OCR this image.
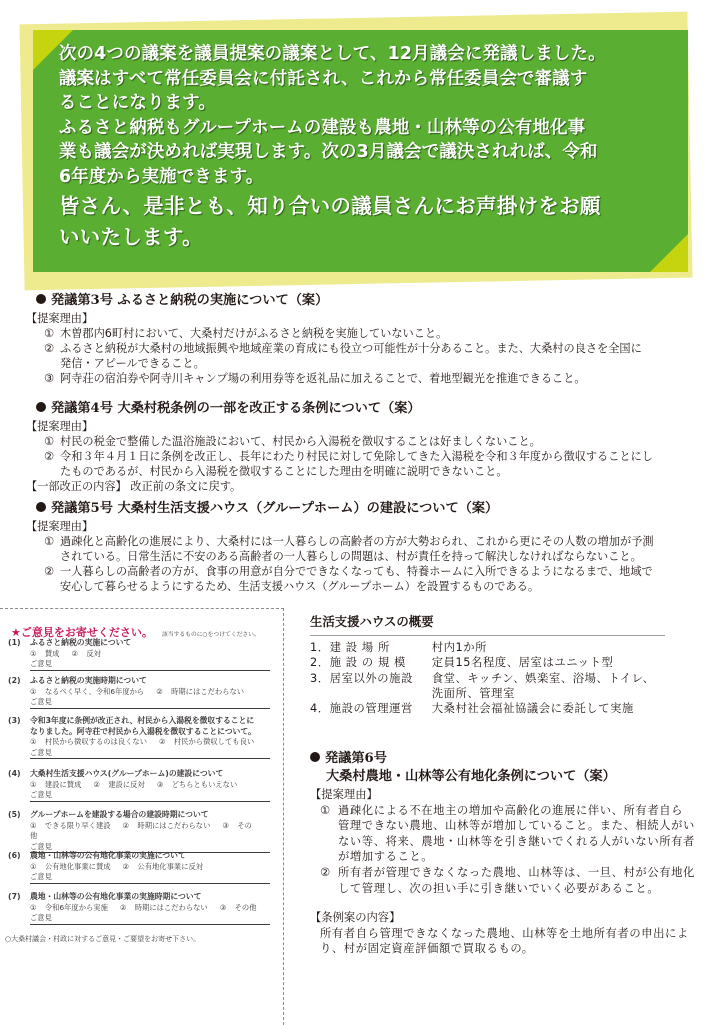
次の4つの議案を議員提案の議案として、12月議会に発議しました。

議案はすべて常任委員会に付託され、これから常任委員会で審議す

ることになります。

ふるさと納税もグループホームの建設も農地・山林等の公有地化事

業も議会が決めれば実現します。次の3月議会で議決されれば、令和

6年度から実施できます。

皆さん、是非とも、知り合いの議員さんにお声掛けをお願

いいたします。

発議第3号 ふるさと納税の実施について（案）
【提案理由】
① 木曽郡内6町村において、大桑村だけがふるさと納税を実施していないこと。
② ふるさと納税が大桑村の地域振興や地域産業の育成にも役立つ可能性が十分あること。また、大桑村の良さを全国に
発信・アピールできること。
③ 阿寺荘の宿泊券や阿寺川キャンプ場の利用券等を返礼品に加えることで、着地型観光を推進できること。
発議第4号 大桑村税条例の一部を改正する条例について（案）
【提案理由】
① 村民の税金で整備した温浴施設において、村民から入湯税を徴収することは好ましくないこと。
② 令和３年４月１日に条例を改正し、長年にわたり村民に対して免除してきた入湯税を令和３年度から徴収することにし
たものであるが、村民から入湯税を徴収することにした理由を明確に説明できないこと。
【一部改正の内容】 改正前の条文に戻す。
発議第5号 大桑村生活支援ハウス（グループホーム）の建設について（案）
【提案理由】
① 過疎化と高齢化の進展により、大桑村には一人暮らしの高齢者の方が大勢おられ、これから更にその人数の増加が予測
されている。日常生活に不安のある高齢者の一人暮らしの問題は、村が責任を持って解決しなければならないこと。
② 一人暮らしの高齢者の方が、食事の用意が自分でできなくなっても、特養ホームに入所できるようになるまで、地域で
安心して暮らせるようにするため、生活支援ハウス（グループホーム）を設置するものである。
★ご意見をお寄せください。 該当するものに○をつけてください。
(1)	ふるさと納税の実施について
① 賛成 ② 反対
ご意見
(2)	ふるさと納税の実施時期について
① なるべく早く、令和6年度から ② 時期にはこだわらない
ご意見
(3)	令和3年度に条例が改正され、村民から入湯税を徴収することに
なりました。阿寺荘で村民から入湯税を徴収することについて。
① 村民から徴収するのは良くない ② 村民から徴収しても良い
ご意見
(4)	大桑村生活支援ハウス(グループホーム)の建設について
① 建設に賛成 ② 建設に反対 ③ どちらともいえない
ご意見
(5)	グループホームを建設する場合の建設時期について
① できる限り早く建設 ② 時期にはこだわらない ③ その他
ご意見
(6)	農地・山林等の公有地化事業の実施について
① 公有地化事業に賛成 ② 公有地化事業に反対
ご意見
(7)	農地・山林等の公有地化事業の実施時期について
① 令和6年度から実施 ② 時期にはこだわらない ③ その他
ご意見
○大桑村議会・村政に対するご意見・ご要望をお寄せ下さい。
生活支援ハウスの概要
1． 建 設 場 所	村内1か所
2． 施 設 の 規 模	定員15名程度、居室はユニット型
3． 居室以外の施設	食堂、キッチン、娯楽室、浴場、トイレ、
洗面所、管理室
4． 施設の管理運営	大桑村社会福祉協議会に委託して実施
発議第6号
大桑村農地・山林等公有地化条例について（案）
【提案理由】
① 過疎化による不在地主の増加や高齢化の進展に伴い、所有者自ら
管理できない農地、山林等が増加していること。また、相続人がい
ない等、将来、農地・山林等を引き継いでくれる人がいない所有者
が増加すること。
② 所有者が管理できなくなった農地、山林等は、一旦、村が公有地化
して管理し、次の担い手に引き継いでいく必要があること。
【条例案の内容】
所有者自ら管理できなくなった農地、山林等を土地所有者の申出によ
り、村が固定資産評価額で買取るもの。
